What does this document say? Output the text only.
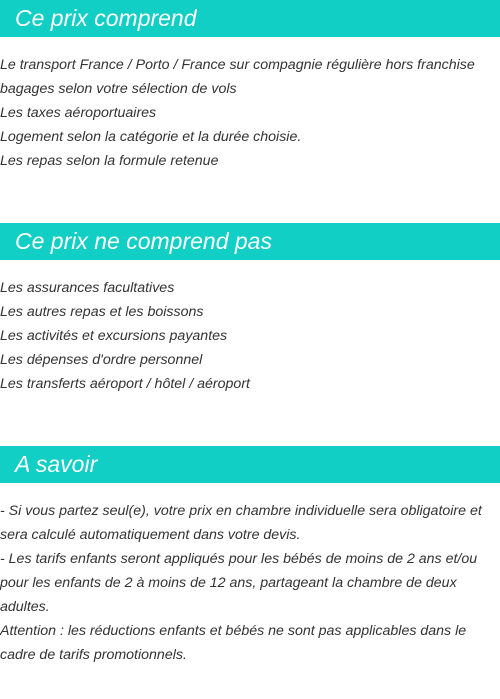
Ce prix comprend

Le transport France / Porto / France sur compagnie régulière hors franchise bagages selon votre sélection de vols

Les taxes aéroportuaires

Logement selon la catégorie et la durée choisie.

Les repas selon la formule retenue

Ce prix ne comprend pas

Les assurances facultatives

Les autres repas et les boissons

Les activités et excursions payantes

Les dépenses d'ordre personnel

Les transferts aéroport / hôtel / aéroport

A savoir

- Si vous partez seul(e), votre prix en chambre individuelle sera obligatoire et sera calculé automatiquement dans votre devis.

- Les tarifs enfants seront appliqués pour les bébés de moins de 2 ans et/ou pour les enfants de 2 à moins de 12 ans, partageant la chambre de deux adultes.

Attention : les réductions enfants et bébés ne sont pas applicables dans le cadre de tarifs promotionnels.
